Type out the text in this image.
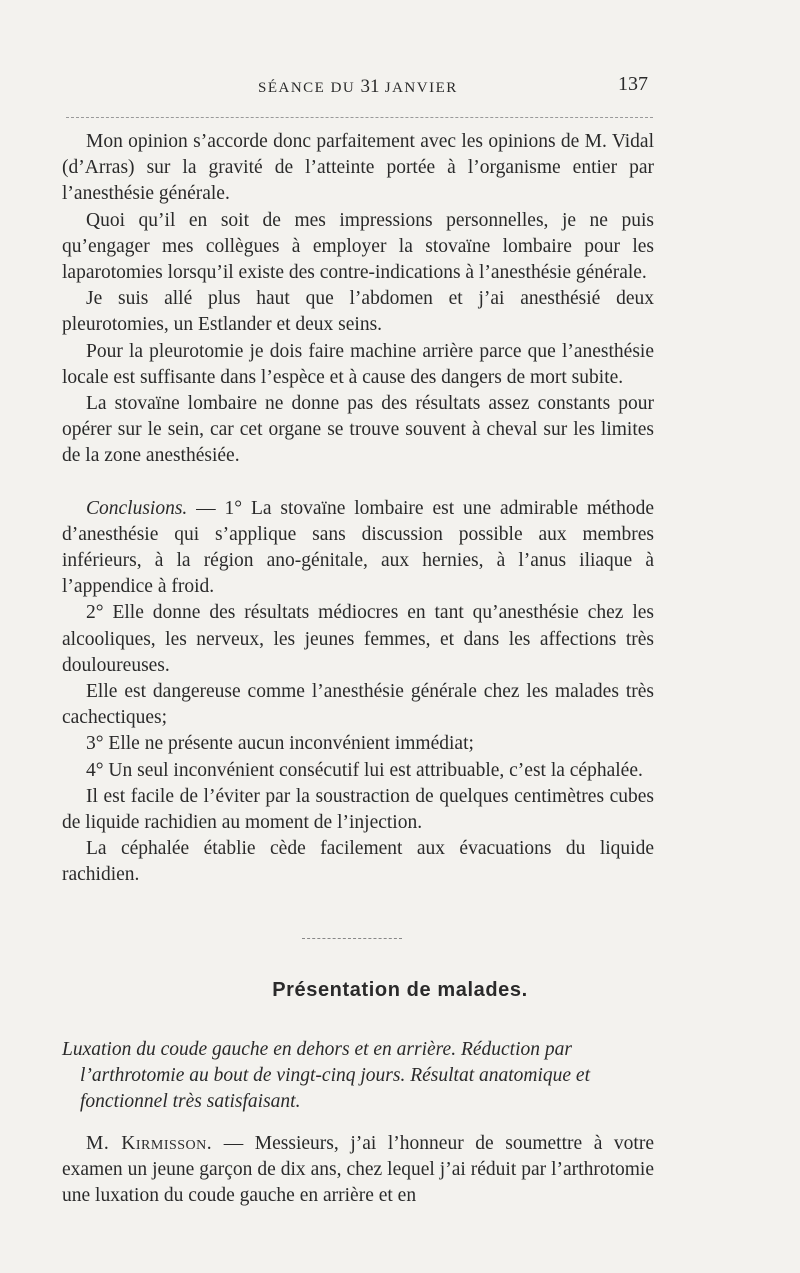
SÉANCE DU 31 JANVIER	137

Mon opinion s’accorde donc parfaitement avec les opinions de M. Vidal (d’Arras) sur la gravité de l’atteinte portée à l’organisme entier par l’anesthésie générale.

Quoi qu’il en soit de mes impressions personnelles, je ne puis qu’engager mes collègues à employer la stovaïne lombaire pour les laparotomies lorsqu’il existe des contre-indications à l’anesthésie générale.

Je suis allé plus haut que l’abdomen et j’ai anesthésié deux pleurotomies, un Estlander et deux seins.

Pour la pleurotomie je dois faire machine arrière parce que l’anesthésie locale est suffisante dans l’espèce et à cause des dangers de mort subite.

La stovaïne lombaire ne donne pas des résultats assez constants pour opérer sur le sein, car cet organe se trouve souvent à cheval sur les limites de la zone anesthésiée.

Conclusions. — 1° La stovaïne lombaire est une admirable méthode d’anesthésie qui s’applique sans discussion possible aux membres inférieurs, à la région ano-génitale, aux hernies, à l’anus iliaque à l’appendice à froid.

2° Elle donne des résultats médiocres en tant qu’anesthésie chez les alcooliques, les nerveux, les jeunes femmes, et dans les affections très douloureuses.

Elle est dangereuse comme l’anesthésie générale chez les malades très cachectiques;

3° Elle ne présente aucun inconvénient immédiat;

4° Un seul inconvénient consécutif lui est attribuable, c’est la céphalée.

Il est facile de l’éviter par la soustraction de quelques centimètres cubes de liquide rachidien au moment de l’injection.

La céphalée établie cède facilement aux évacuations du liquide rachidien.

Présentation de malades.
Luxation du coude gauche en dehors et en arrière. Réduction par
l’arthrotomie au bout de vingt-cinq jours. Résultat anatomique et
fonctionnel très satisfaisant.

M. Kirmisson. — Messieurs, j’ai l’honneur de soumettre à votre examen un jeune garçon de dix ans, chez lequel j’ai réduit par l’arthrotomie une luxation du coude gauche en arrière et en
